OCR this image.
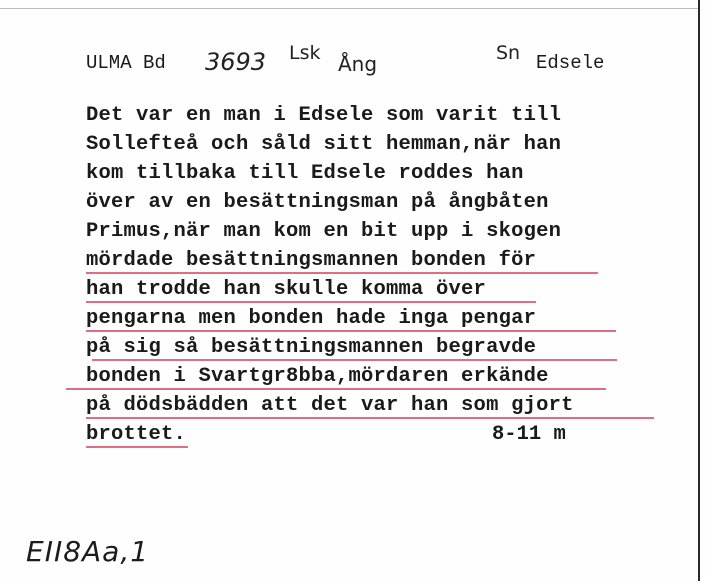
ULMA Bd 3693 Lsk Ång	Sn Edsele
Det var en man i Edsele som varit till
Sollefteå och såld sitt hemman,när han
kom tillbaka till Edsele roddes han
över av en besättningsman på ångbåten
Primus,när man kom en bit upp i skogen
mördade besättningsmannen bonden för
han trodde han skulle komma över
pengarna men bonden hade inga pengar
på sig så besättningsmannen begravde
bonden i Svartgr8bba,mördaren erkände
på dödsbädden att det var han som gjort
brottet.	8-11 m
EII8Aa,1
